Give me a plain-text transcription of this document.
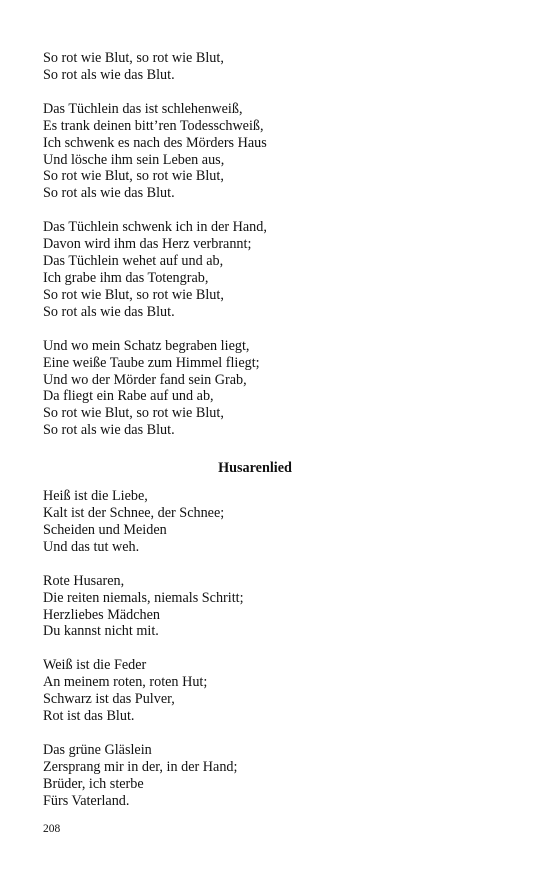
So rot wie Blut, so rot wie Blut,
So rot als wie das Blut.
Das Tüchlein das ist schlehenweiß,
Es trank deinen bitt’ren Todesschweiß,
Ich schwenk es nach des Mörders Haus
Und lösche ihm sein Leben aus,
So rot wie Blut, so rot wie Blut,
So rot als wie das Blut.
Das Tüchlein schwenk ich in der Hand,
Davon wird ihm das Herz verbrannt;
Das Tüchlein wehet auf und ab,
Ich grabe ihm das Totengrab,
So rot wie Blut, so rot wie Blut,
So rot als wie das Blut.
Und wo mein Schatz begraben liegt,
Eine weiße Taube zum Himmel fliegt;
Und wo der Mörder fand sein Grab,
Da fliegt ein Rabe auf und ab,
So rot wie Blut, so rot wie Blut,
So rot als wie das Blut.
Husarenlied
Heiß ist die Liebe,
Kalt ist der Schnee, der Schnee;
Scheiden und Meiden
Und das tut weh.
Rote Husaren,
Die reiten niemals, niemals Schritt;
Herzliebes Mädchen
Du kannst nicht mit.
Weiß ist die Feder
An meinem roten, roten Hut;
Schwarz ist das Pulver,
Rot ist das Blut.
Das grüne Gläslein
Zersprang mir in der, in der Hand;
Brüder, ich sterbe
Fürs Vaterland.
208
